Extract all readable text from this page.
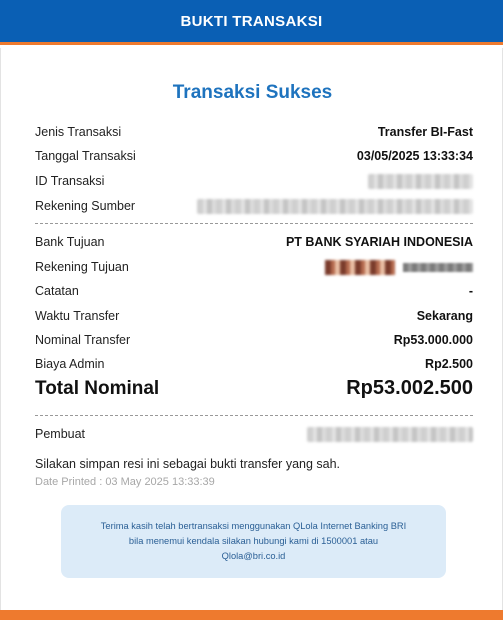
BUKTI TRANSAKSI
Transaksi Sukses
Jenis Transaksi	Transfer BI-Fast
Tanggal Transaksi	03/05/2025 13:33:34
ID Transaksi
Rekening Sumber
Bank Tujuan	PT BANK SYARIAH INDONESIA
Rekening Tujuan
Catatan	-
Waktu Transfer	Sekarang
Nominal Transfer	Rp53.000.000
Biaya Admin	Rp2.500
Total Nominal	Rp53.002.500
Pembuat
Silakan simpan resi ini sebagai bukti transfer yang sah.
Date Printed : 03 May 2025 13:33:39
Terima kasih telah bertransaksi menggunakan QLola Internet Banking BRI
bila menemui kendala silakan hubungi kami di 1500001 atau
Qlola@bri.co.id
